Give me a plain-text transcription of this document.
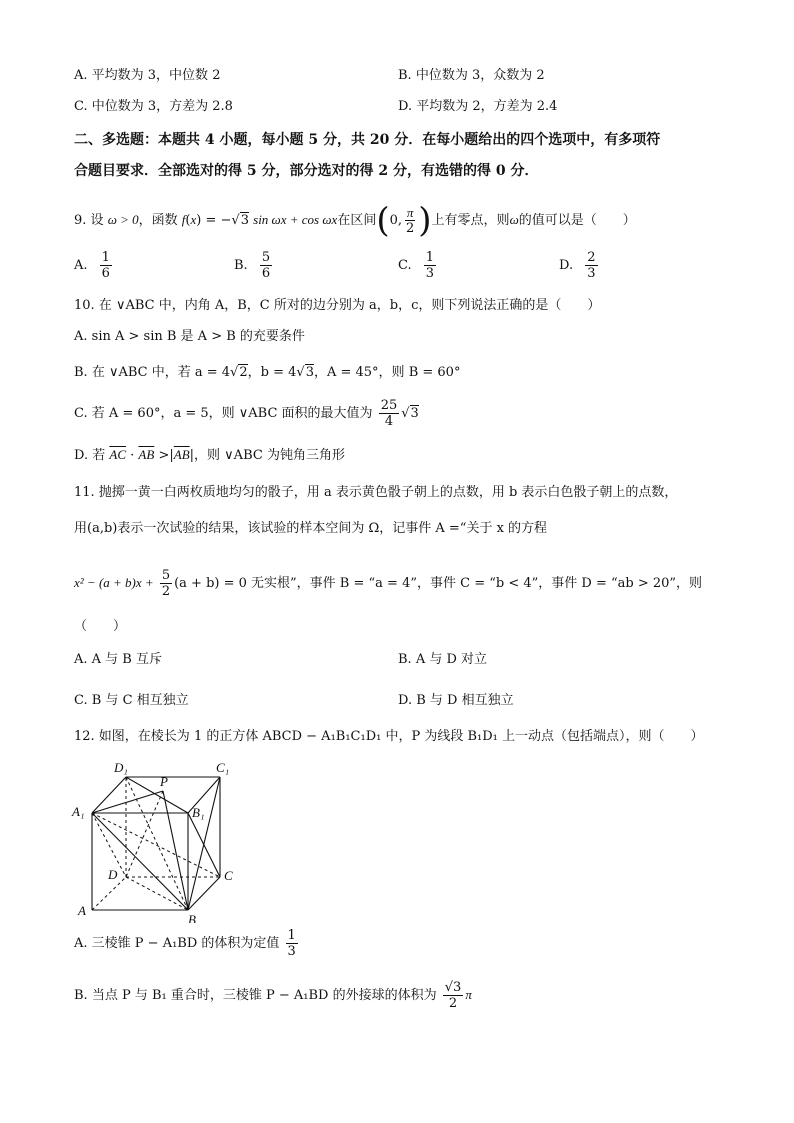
A. 平均数为 3，中位数 2	B. 中位数为 3，众数为 2
C. 中位数为 3，方差为 2.8	D. 平均数为 2，方差为 2.4
二、多选题：本题共 4 小题，每小题 5 分，共 20 分．在每小题给出的四个选项中，有多项符
合题目要求．全部选对的得 5 分，部分选对的得 2 分，有选错的得 0 分．
9. 设 ω > 0，函数 f(x) = −√3 sin ωx + cos ωx在区间(0, $\frac{\pi}{2}$ )上有零点，则ω的值可以是（　　）
A. $\frac{1}{6}$	B. $\frac{5}{6}$	C. $\frac{1}{3}$	D. $\frac{2}{3}$
10. 在 ∨ABC 中，内角 A，B，C 所对的边分别为 a，b，c，则下列说法正确的是（　　）
A. sin A > sin B 是 A > B 的充要条件
B. 在 ∨ABC 中，若 a = 4√2，b = 4√3，A = 45°，则 B = 60°
C. 若 A = 60°，a = 5，则 ∨ABC 面积的最大值为 $\frac{25}{4} √3$
D. 若 $\overline{AC} \cdot \overline{AB} >|\overline{AB}|$，则 ∨ABC 为钝角三角形
11. 抛掷一黄一白两枚质地均匀的骰子，用 a 表示黄色骰子朝上的点数，用 b 表示白色骰子朝上的点数，
用(a,b)表示一次试验的结果，该试验的样本空间为 Ω，记事件 A =“关于 x 的方程
$x^2 - (a + b)x + \frac{5}{2} (a + b) = 0$ 无实根”，事件 B = “a = 4”，事件 C = “b < 4”，事件 D = “ab > 20”，则
（　　）
A. A 与 B 互斥	B. A 与 D 对立
C. B 与 C 相互独立	D. B 与 D 相互独立
12. 如图，在棱长为 1 的正方体 ABCD − A₁B₁C₁D₁ 中，P 为线段 B₁D₁ 上一动点（包括端点），则（　　）
D₁	C₁
A₁	B₁
P
D	C
A
B
A. 三棱锥 P − A₁BD 的体积为定值 $\frac{1}{3}$
B. 当点 P 与 B₁ 重合时，三棱锥 P − A₁BD 的外接球的体积为 $\frac{√3}{2}$ π
